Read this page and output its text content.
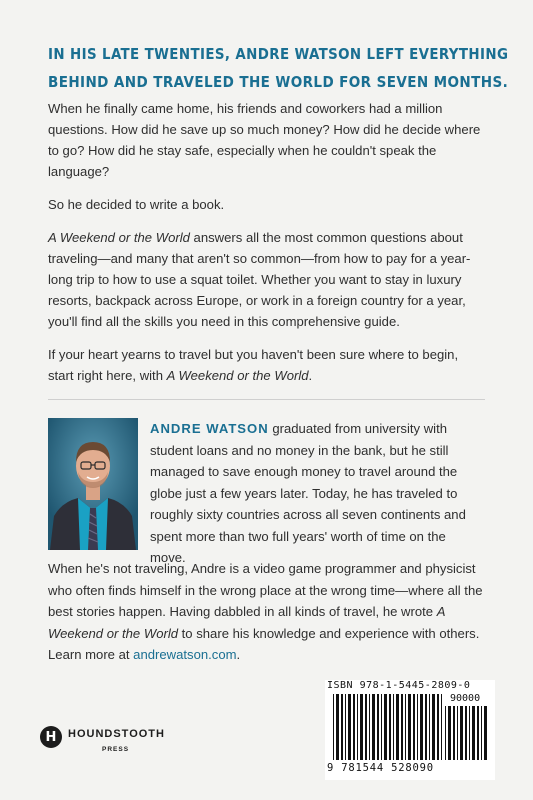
IN HIS LATE TWENTIES, ANDRE WATSON LEFT EVERYTHING
BEHIND AND TRAVELED THE WORLD FOR SEVEN MONTHS.

When he finally came home, his friends and coworkers had a million questions. How did he save up so much money? How did he decide where to go? How did he stay safe, especially when he couldn't speak the language?

So he decided to write a book.

A Weekend or the World answers all the most common questions about traveling—and many that aren't so common—from how to pay for a year-long trip to how to use a squat toilet. Whether you want to stay in luxury resorts, backpack across Europe, or work in a foreign country for a year, you'll find all the skills you need in this comprehensive guide.

If your heart yearns to travel but you haven't been sure where to begin, start right here, with A Weekend or the World.

ANDRE WATSON graduated from university with student loans and no money in the bank, but he still managed to save enough money to travel around the globe just a few years later. Today, he has traveled to roughly sixty countries across all seven continents and spent more than two full years' worth of time on the move.
When he's not traveling, Andre is a video game programmer and physicist who often finds himself in the wrong place at the wrong time—where all the best stories happen. Having dabbled in all kinds of travel, he wrote A Weekend or the World to share his knowledge and experience with others. Learn more at andrewatson.com.
H	HOUNDSTOOTH
PRESS
ISBN 978-1-5445-2809-0
90000
9 781544 528090
